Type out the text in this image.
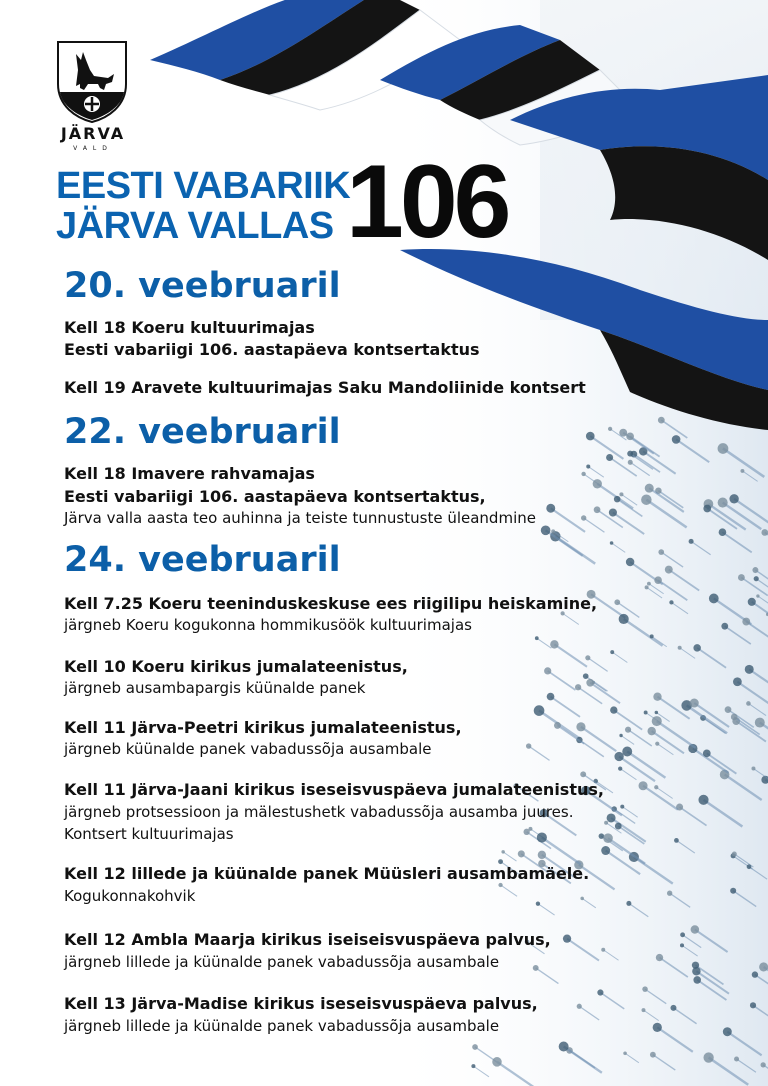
JÄRVA
VALD
EESTI VABARIIK
JÄRVA VALLAS 106
20. veebruaril
Kell 18 Koeru kultuurimajas
Eesti vabariigi 106. aastapäeva kontsertaktus
Kell 19 Aravete kultuurimajas Saku Mandoliinide kontsert
22. veebruaril
Kell 18 Imavere rahvamajas
Eesti vabariigi 106. aastapäeva kontsertaktus,
Järva valla aasta teo auhinna ja teiste tunnustuste üleandmine
24. veebruaril
Kell 7.25 Koeru teeninduskeskuse ees riigilipu heiskamine,
järgneb Koeru kogukonna hommikusöök kultuurimajas
Kell 10 Koeru kirikus jumalateenistus,
järgneb ausambapargis küünalde panek
Kell 11 Järva-Peetri kirikus jumalateenistus,
järgneb küünalde panek vabadussõja ausambale
Kell 11 Järva-Jaani kirikus iseseisvuspäeva jumalateenistus,
järgneb protsessioon ja mälestushetk vabadussõja ausamba juures.
Kontsert kultuurimajas
Kell 12 lillede ja küünalde panek Müüsleri ausambamäele.
Kogukonnakohvik
Kell 12 Ambla Maarja kirikus iseiseisvuspäeva palvus,
järgneb lillede ja küünalde panek vabadussõja ausambale
Kell 13 Järva-Madise kirikus iseseisvuspäeva palvus,
järgneb lillede ja küünalde panek vabadussõja ausambale
